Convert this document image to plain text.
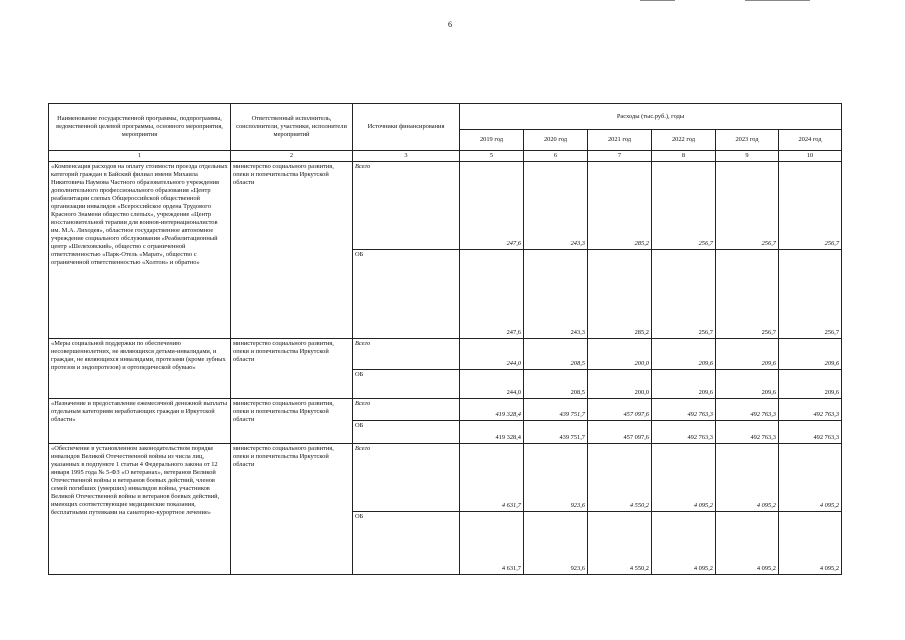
6
Наименование государственной программы, подпрограммы, ведомственной целевой программы, основного мероприятия, мероприятия	Ответственный исполнитель, соисполнители, участники, исполнители мероприятий	Источники финансирования	Расходы (тыс.руб.), годы					
			2019 год	2020 год	2021 год	2022 год	2023 год	2024 год
1	2	3	5	6	7	8	9	10
«Компенсация расходов на оплату стоимости проезда отдельных категорий граждан в Байский филиал имени Михаила Никитовича Наумова Частного образовательного учреждения дополнительного профессионального образования «Центр реабилитации слепых Общероссийской общественной организации инвалидов «Всероссийское ордена Трудового Красного Знамени общество слепых», учреждение «Центр восстановительной терапии для воинов-интернационалистов им. М.А. Лиходея», областное государственное автономное учреждение социального обслуживания «Реабилитационный центр «Шелеховский», общество с ограниченной ответственностью «Парк-Отель «Марат», общество с ограниченной ответственностью «Холтон» и обратно»	министерство социального развития, опеки и попечительства Иркутской области	Всего	247,6	243,3	285,2	256,7	256,7	256,7
		ОБ	247,6	243,3	285,2	256,7	256,7	256,7
«Меры социальной поддержки по обеспечению несовершеннолетних, не являющихся детьми-инвалидами, и граждан, не являющихся инвалидами, протезами (кроме зубных протезов и эндопротезов) и ортопедической обувью»	министерство социального развития, опеки и попечительства Иркутской области	Всего	244,0	208,5	200,0	209,6	209,6	209,6
		ОБ	244,0	208,5	200,0	209,6	209,6	209,6
«Назначение и предоставление ежемесячной денежной выплаты отдельным категориям неработающих граждан в Иркутской области»	министерство социального развития, опеки и попечительства Иркутской области	Всего	419 328,4	439 751,7	457 097,6	492 763,3	492 763,3	492 763,3
		ОБ	419 328,4	439 751,7	457 097,6	492 763,3	492 763,3	492 763,3
«Обеспечение в установленном законодательством порядке инвалидов Великой Отечественной войны из числа лиц, указанных в подпункте 1 статьи 4 Федерального закона от 12 января 1995 года № 5-ФЗ «О ветеранах», ветеранов Великой Отечественной войны и ветеранов боевых действий, членов семей погибших (умерших) инвалидов войны, участников Великой Отечественной войны и ветеранов боевых действий, имеющих соответствующие медицинские показания, бесплатными путевками на санаторно-курортное лечение»	министерство социального развития, опеки и попечительства Иркутской области	Всего	4 631,7	923,6	4 550,2	4 095,2	4 095,2	4 095,2
		ОБ	4 631,7	923,6	4 550,2	4 095,2	4 095,2	4 095,2
